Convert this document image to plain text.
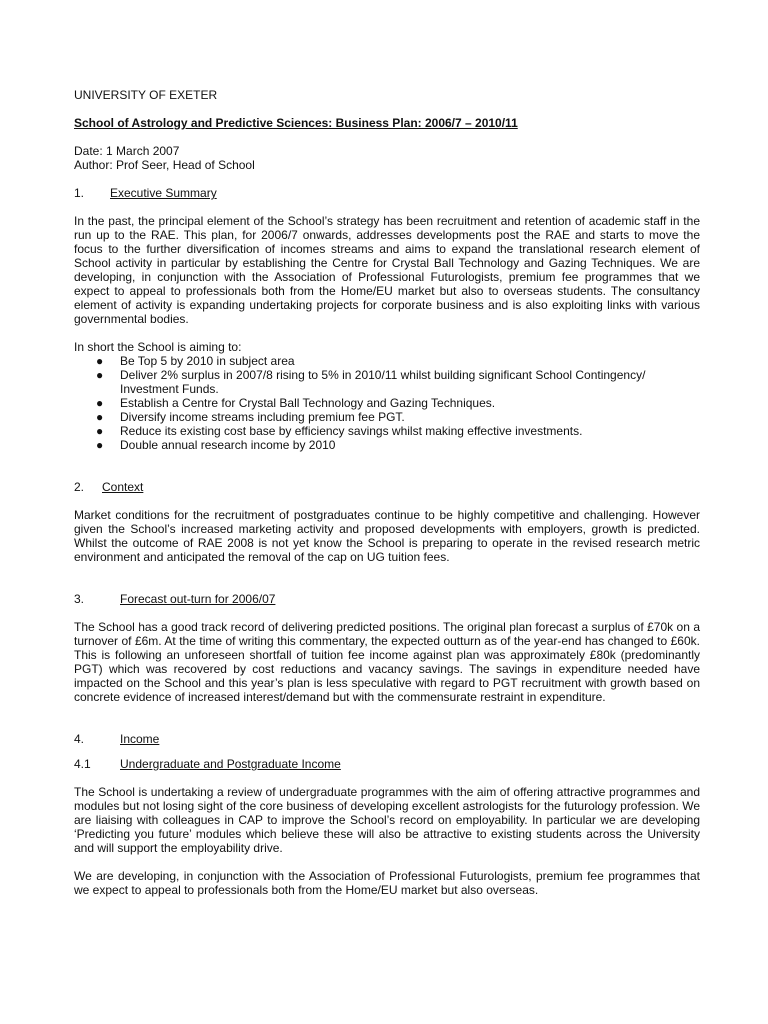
UNIVERSITY OF EXETER

School of Astrology and Predictive Sciences: Business Plan: 2006/7 – 2010/11

Date: 1 March 2007

Author: Prof Seer, Head of School

1.	Executive Summary

In the past, the principal element of the School’s strategy has been recruitment and retention of academic staff in the run up to the RAE. This plan, for 2006/7 onwards, addresses developments post the RAE and starts to move the focus to the further diversification of incomes streams and aims to expand the translational research element of School activity in particular by establishing the Centre for Crystal Ball Technology and Gazing Techniques. We are developing, in conjunction with the Association of Professional Futurologists, premium fee programmes that we expect to appeal to professionals both from the Home/EU market but also to overseas students. The consultancy element of activity is expanding undertaking projects for corporate business and is also exploiting links with various governmental bodies.

In short the School is aiming to:

● Be Top 5 by 2010 in subject area
● Deliver 2% surplus in 2007/8 rising to 5% in 2010/11 whilst building significant School Contingency/ Investment Funds.
● Establish a Centre for Crystal Ball Technology and Gazing Techniques.
● Diversify income streams including premium fee PGT.
● Reduce its existing cost base by efficiency savings whilst making effective investments.
● Double annual research income by 2010
2.	Context

Market conditions for the recruitment of postgraduates continue to be highly competitive and challenging. However given the School’s increased marketing activity and proposed developments with employers, growth is predicted. Whilst the outcome of RAE 2008 is not yet know the School is preparing to operate in the revised research metric environment and anticipated the removal of the cap on UG tuition fees.

3.	Forecast out-turn for 2006/07

The School has a good track record of delivering predicted positions. The original plan forecast a surplus of £70k on a turnover of £6m. At the time of writing this commentary, the expected outturn as of the year-end has changed to £60k. This is following an unforeseen shortfall of tuition fee income against plan was approximately £80k (predominantly PGT) which was recovered by cost reductions and vacancy savings. The savings in expenditure needed have impacted on the School and this year’s plan is less speculative with regard to PGT recruitment with growth based on concrete evidence of increased interest/demand but with the commensurate restraint in expenditure.

4.	Income
4.1	Undergraduate and Postgraduate Income

The School is undertaking a review of undergraduate programmes with the aim of offering attractive programmes and modules but not losing sight of the core business of developing excellent astrologists for the futurology profession. We are liaising with colleagues in CAP to improve the School’s record on employability. In particular we are developing ‘Predicting you future’ modules which believe these will also be attractive to existing students across the University and will support the employability drive.

We are developing, in conjunction with the Association of Professional Futurologists, premium fee programmes that we expect to appeal to professionals both from the Home/EU market but also overseas.
